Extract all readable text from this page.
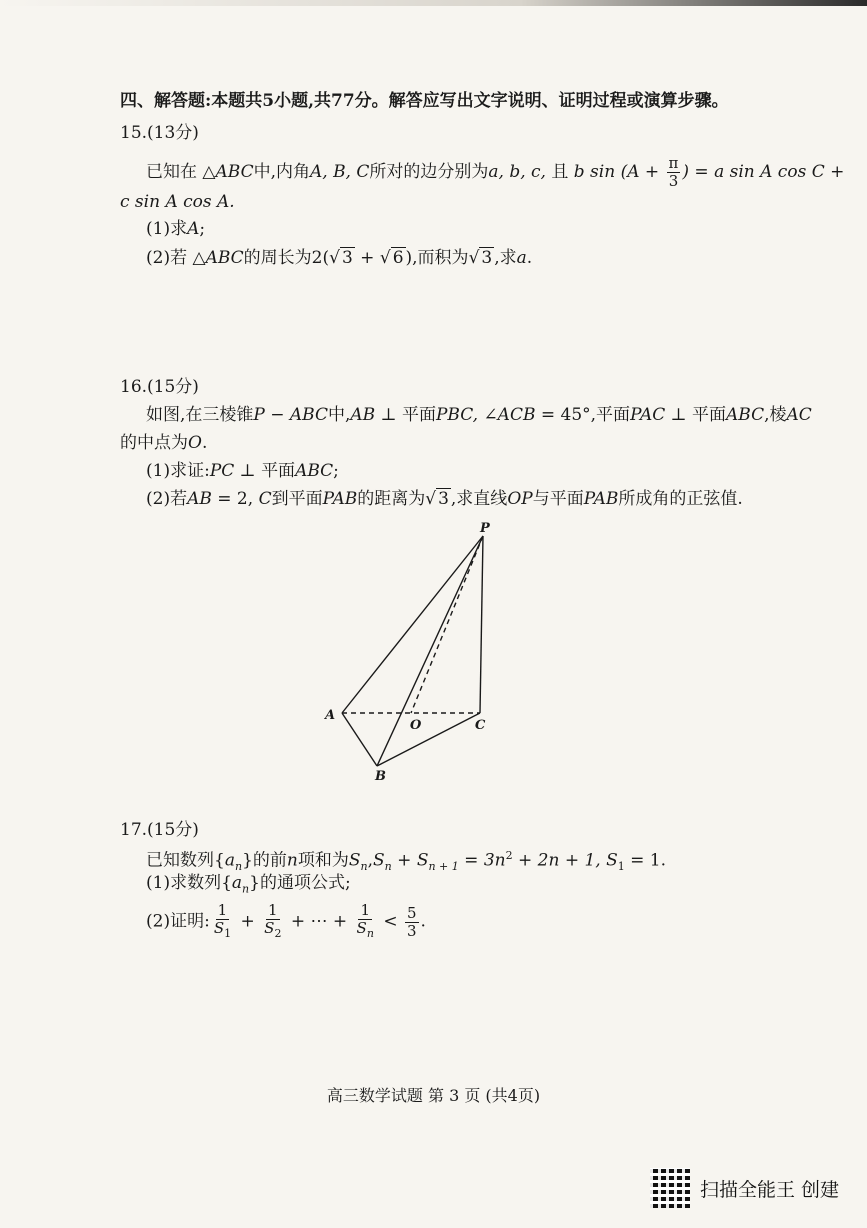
四、解答题:本题共5小题,共77分。解答应写出文字说明、证明过程或演算步骤。
15.(13分)
已知在 △ABC中,内角A, B, C所对的边分别为a, b, c, 且 b $\sin (A + \frac{\pi}{3}$ ) = a sin A cos C +
c sin A cos A.
(1)求A;
(2)若 △ABC的周长为2(√ 3 + √ 6 ),而积为√ 3 ,求a.
16.(15分)
如图,在三棱锥P − ABC中,AB ⊥ 平面PBC, ∠ACB = 45°,平面PAC ⊥ 平面ABC,棱AC
的中点为O.
(1)求证:PC ⊥ 平面ABC;
(2)若AB = 2, C到平面PAB的距离为√ 3 ,求直线OP与平面PAB所成角的正弦值.
P
A
O	C
B
17.(15分)
已知数列$\{a_n\}$的前n项和为$S_n,S_n + S_{n + 1} = 3n^2 + 2n + 1$, $S_1 = 1$.
(1)求数列$\{a_n\}$的通项公式;
(2)证明: $\frac{1}{S_1} + \frac{1}{S_2}$ + ⋯ + $\frac{1}{S_n} < \frac{5}{3}$ .
高三数学试题 第 3 页 (共4页)
扫描全能王 创建
